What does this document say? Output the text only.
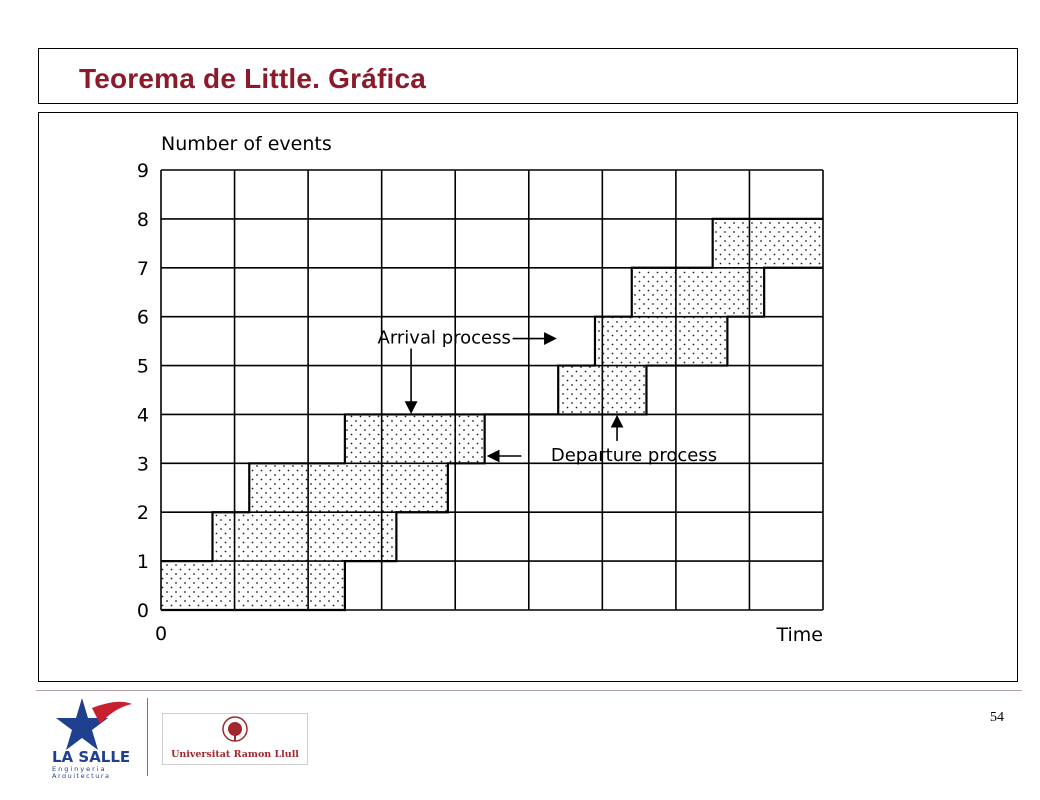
Teorema de Little. Gráfica
0
1
2
3
4
5
6
7
8
9
0
Number of events
Time
Arrival process
Departure process
54
LA SALLE
Enginyeria
Arquitectura
Universitat Ramon Llull
